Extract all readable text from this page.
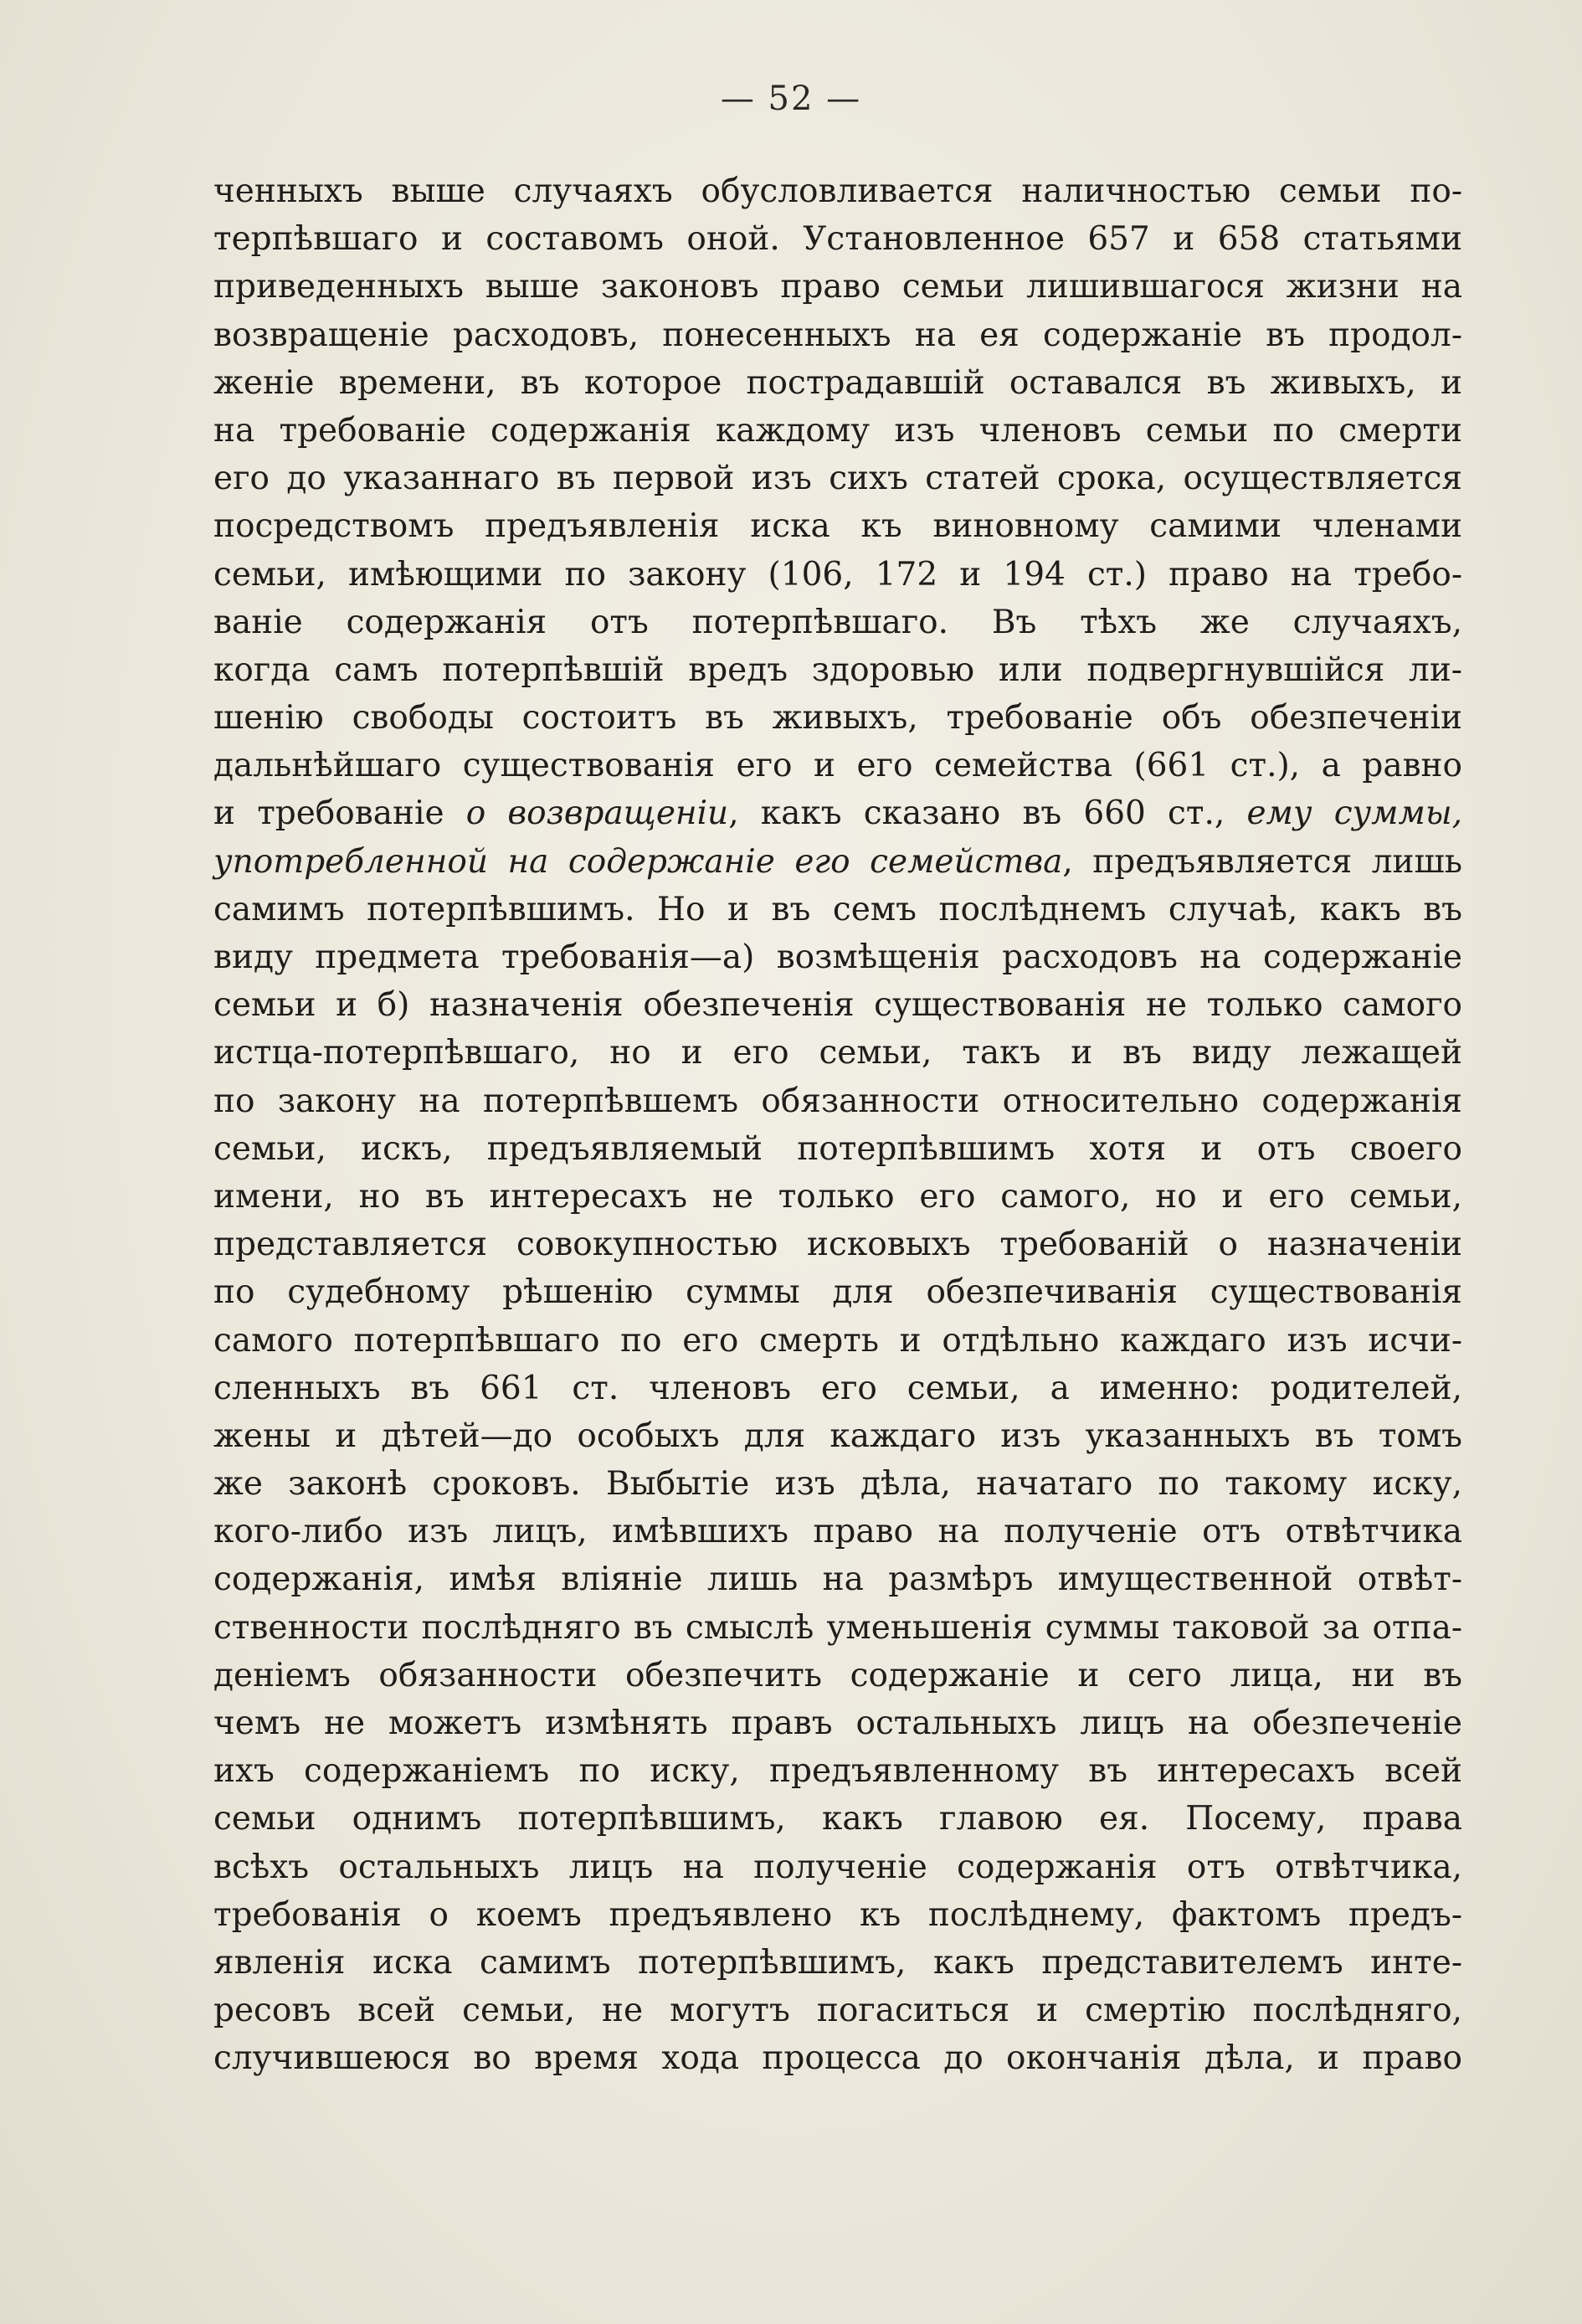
— 52 —
ченныхъ выше случаяхъ обусловливается наличностью семьи по-
терпѣвшаго и составомъ оной. Установленное 657 и 658 статьями
приведенныхъ выше законовъ право семьи лишившагося жизни на
возвращеніе расходовъ, понесенныхъ на ея содержаніе въ продол-
женіе времени, въ которое пострадавшій оставался въ живыхъ, и
на требованіе содержанія каждому изъ членовъ семьи по смерти
его до указаннаго въ первой изъ сихъ статей срока, осуществляется
посредствомъ предъявленія иска къ виновному самими членами
семьи, имѣющими по закону (106, 172 и 194 ст.) право на требо-
ваніе содержанія отъ потерпѣвшаго. Въ тѣхъ же случаяхъ,
когда самъ потерпѣвшій вредъ здоровью или подвергнувшійся ли-
шенію свободы состоитъ въ живыхъ, требованіе объ обезпеченіи
дальнѣйшаго существованія его и его семейства (661 ст.), а равно
и требованіе о возвращеніи, какъ сказано въ 660 ст., ему суммы,
употребленной на содержаніе его семейства, предъявляется лишь
самимъ потерпѣвшимъ. Но и въ семъ послѣднемъ случаѣ, какъ въ
виду предмета требованія—а) возмѣщенія расходовъ на содержаніе
семьи и б) назначенія обезпеченія существованія не только самого
истца-потерпѣвшаго, но и его семьи, такъ и въ виду лежащей
по закону на потерпѣвшемъ обязанности относительно содержанія
семьи, искъ, предъявляемый потерпѣвшимъ хотя и отъ своего
имени, но въ интересахъ не только его самого, но и его семьи,
представляется совокупностью исковыхъ требованій о назначеніи
по судебному рѣшенію суммы для обезпечиванія существованія
самого потерпѣвшаго по его смерть и отдѣльно каждаго изъ исчи-
сленныхъ въ 661 ст. членовъ его семьи, а именно: родителей,
жены и дѣтей—до особыхъ для каждаго изъ указанныхъ въ томъ
же законѣ сроковъ. Выбытіе изъ дѣла, начатаго по такому иску,
кого-либо изъ лицъ, имѣвшихъ право на полученіе отъ отвѣтчика
содержанія, имѣя вліяніе лишь на размѣръ имущественной отвѣт-
ственности послѣдняго въ смыслѣ уменьшенія суммы таковой за отпа-
деніемъ обязанности обезпечить содержаніе и сего лица, ни въ
чемъ не можетъ измѣнять правъ остальныхъ лицъ на обезпеченіе
ихъ содержаніемъ по иску, предъявленному въ интересахъ всей
семьи однимъ потерпѣвшимъ, какъ главою ея. Посему, права
всѣхъ остальныхъ лицъ на полученіе содержанія отъ отвѣтчика,
требованія о коемъ предъявлено къ послѣднему, фактомъ предъ-
явленія иска самимъ потерпѣвшимъ, какъ представителемъ инте-
ресовъ всей семьи, не могутъ погаситься и смертію послѣдняго,
случившеюся во время хода процесса до окончанія дѣла, и право
